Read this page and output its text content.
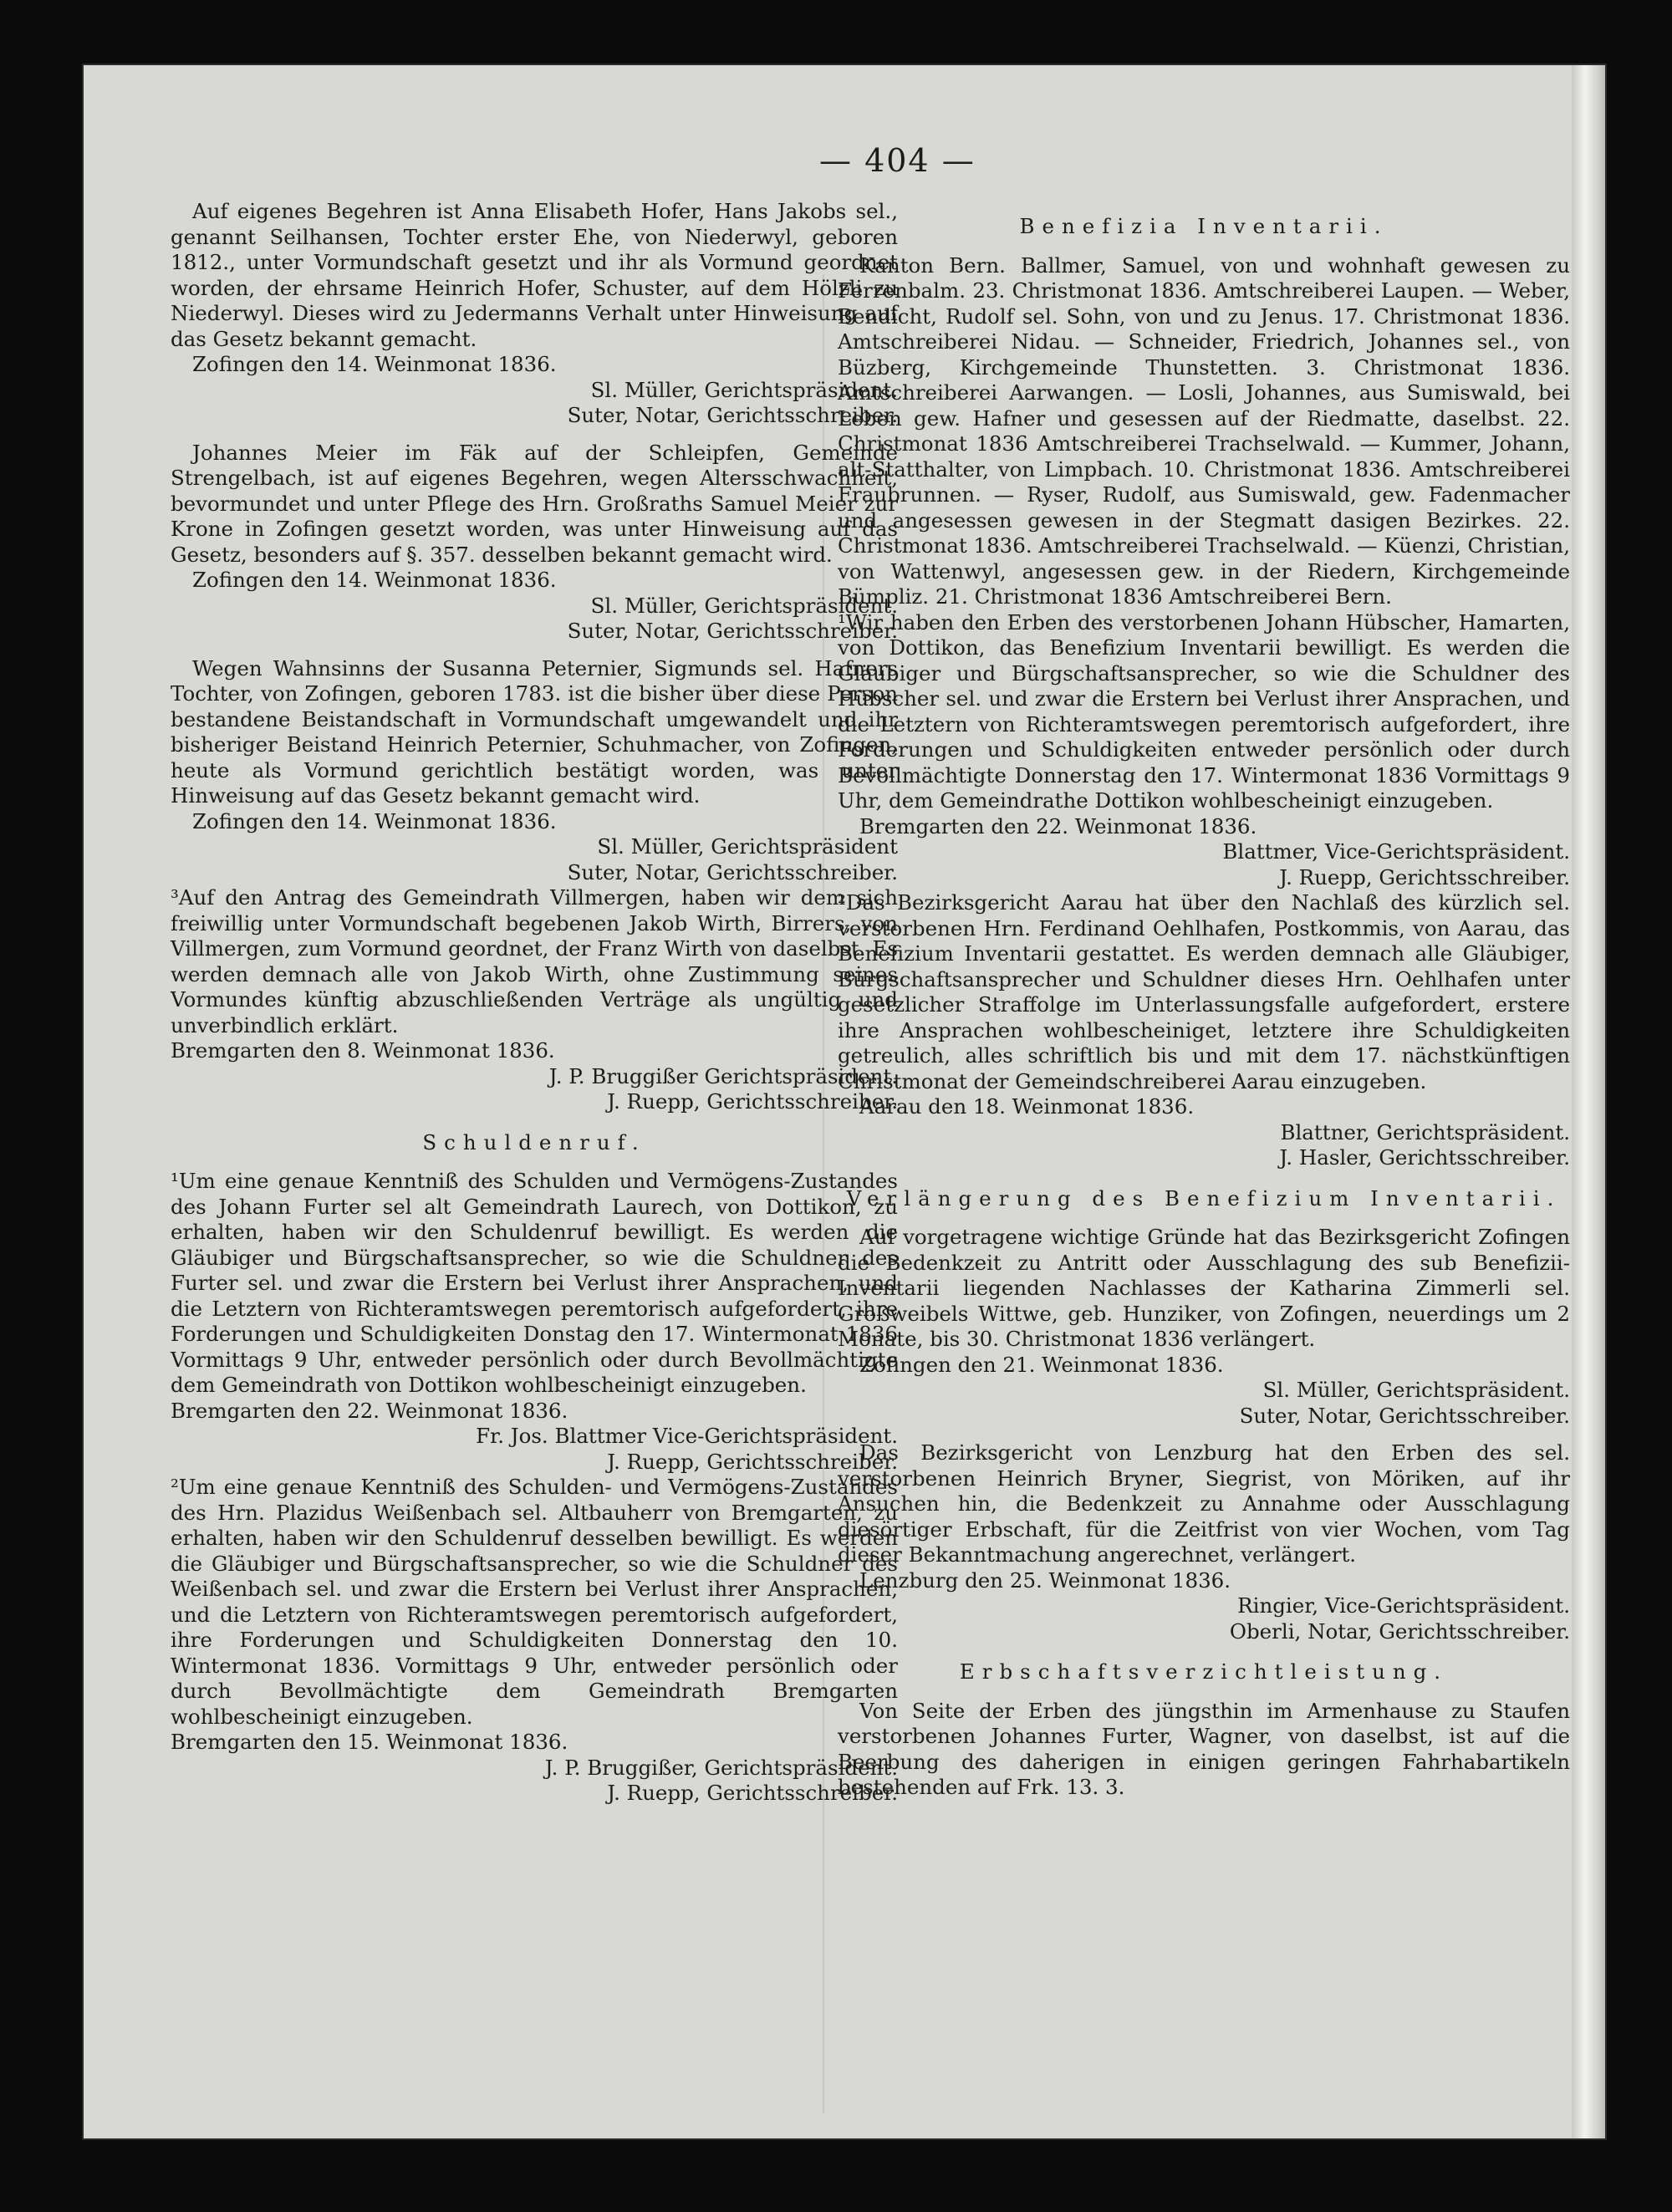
— 404 —

Auf eigenes Begehren ist Anna Elisabeth Hofer, Hans Jakobs sel., genannt Seilhansen, Tochter erster Ehe, von Niederwyl, geboren 1812., unter Vormundschaft gesetzt und ihr als Vormund geordnet worden, der ehrsame Heinrich Hofer, Schuster, auf dem Hölzli zu Niederwyl. Dieses wird zu Jedermanns Verhalt unter Hinweisung auf das Gesetz bekannt gemacht.

Zofingen den 14. Weinmonat 1836.

Sl. Müller, Gerichtspräsident.

Suter, Notar, Gerichtsschreiber.

Johannes Meier im Fäk auf der Schleipfen, Gemeinde Strengelbach, ist auf eigenes Begehren, wegen Altersschwachheit, bevormundet und unter Pflege des Hrn. Großraths Samuel Meier zur Krone in Zofingen gesetzt worden, was unter Hinweisung auf das Gesetz, besonders auf §. 357. desselben bekannt gemacht wird.

Zofingen den 14. Weinmonat 1836.

Sl. Müller, Gerichtspräsident.

Suter, Notar, Gerichtsschreiber.

Wegen Wahnsinns der Susanna Peternier, Sigmunds sel. Hafners Tochter, von Zofingen, geboren 1783. ist die bisher über diese Person bestandene Beistandschaft in Vormundschaft umgewandelt und ihr bisheriger Beistand Heinrich Peternier, Schuhmacher, von Zofingen, heute als Vormund gerichtlich bestätigt worden, was unter Hinweisung auf das Gesetz bekannt gemacht wird.

Zofingen den 14. Weinmonat 1836.

Sl. Müller, Gerichtspräsident

Suter, Notar, Gerichtsschreiber.

³Auf den Antrag des Gemeindrath Villmergen, haben wir dem sich freiwillig unter Vormundschaft begebenen Jakob Wirth, Birrers, von Villmergen, zum Vormund geordnet, der Franz Wirth von daselbst. Es werden demnach alle von Jakob Wirth, ohne Zustimmung seines Vormundes künftig abzuschließenden Verträge als ungültig und unverbindlich erklärt.

Bremgarten den 8. Weinmonat 1836.

J. P. Bruggißer Gerichtspräsident.

J. Ruepp, Gerichtsschreiber.

Schuldenruf.

¹Um eine genaue Kenntniß des Schulden und Vermögens-Zustandes des Johann Furter sel alt Gemeindrath Laurech, von Dottikon, zu erhalten, haben wir den Schuldenruf bewilligt. Es werden die Gläubiger und Bürgschaftsansprecher, so wie die Schuldner des Furter sel. und zwar die Erstern bei Verlust ihrer Ansprachen, und die Letztern von Richteramtswegen peremtorisch aufgefordert, ihre Forderungen und Schuldigkeiten Donstag den 17. Wintermonat 1836 Vormittags 9 Uhr, entweder persönlich oder durch Bevollmächtigte dem Gemeindrath von Dottikon wohlbescheinigt einzugeben.

Bremgarten den 22. Weinmonat 1836.

Fr. Jos. Blattmer Vice-Gerichtspräsident.

J. Ruepp, Gerichtsschreiber.

²Um eine genaue Kenntniß des Schulden- und Vermögens-Zustandes des Hrn. Plazidus Weißenbach sel. Altbauherr von Bremgarten, zu erhalten, haben wir den Schuldenruf desselben bewilligt. Es werden die Gläubiger und Bürgschaftsansprecher, so wie die Schuldner des Weißenbach sel. und zwar die Erstern bei Verlust ihrer Ansprachen, und die Letztern von Richteramtswegen peremtorisch aufgefordert, ihre Forderungen und Schuldigkeiten Donnerstag den 10. Wintermonat 1836. Vormittags 9 Uhr, entweder persönlich oder durch Bevollmächtigte dem Gemeindrath Bremgarten wohlbescheinigt einzugeben.

Bremgarten den 15. Weinmonat 1836.

J. P. Bruggißer, Gerichtspräsident.

J. Ruepp, Gerichtsschreiber.

Benefizia Inventarii.

Kanton Bern. Ballmer, Samuel, von und wohnhaft gewesen zu Ferrenbalm. 23. Christmonat 1836. Amtschreiberei Laupen. — Weber, Bendicht, Rudolf sel. Sohn, von und zu Jenus. 17. Christmonat 1836. Amtschreiberei Nidau. — Schneider, Friedrich, Johannes sel., von Büzberg, Kirchgemeinde Thunstetten. 3. Christmonat 1836. Amtschreiberei Aarwangen. — Losli, Johannes, aus Sumiswald, bei Leben gew. Hafner und gesessen auf der Riedmatte, daselbst. 22. Christmonat 1836 Amtschreiberei Trachselwald. — Kummer, Johann, alt-Statthalter, von Limpbach. 10. Christmonat 1836. Amtschreiberei Fraubrunnen. — Ryser, Rudolf, aus Sumiswald, gew. Fadenmacher und angesessen gewesen in der Stegmatt dasigen Bezirkes. 22. Christmonat 1836. Amtschreiberei Trachselwald. — Küenzi, Christian, von Wattenwyl, angesessen gew. in der Riedern, Kirchgemeinde Bümpliz. 21. Christmonat 1836 Amtschreiberei Bern.

¹Wir haben den Erben des verstorbenen Johann Hübscher, Hamarten, von Dottikon, das Benefizium Inventarii bewilligt. Es werden die Gläubiger und Bürgschaftsansprecher, so wie die Schuldner des Hübscher sel. und zwar die Erstern bei Verlust ihrer Ansprachen, und die Letztern von Richteramtswegen peremtorisch aufgefordert, ihre Forderungen und Schuldigkeiten entweder persönlich oder durch Bevollmächtigte Donnerstag den 17. Wintermonat 1836 Vormittags 9 Uhr, dem Gemeindrathe Dottikon wohlbescheinigt einzugeben.

Bremgarten den 22. Weinmonat 1836.

Blattmer, Vice-Gerichtspräsident.

J. Ruepp, Gerichtsschreiber.

²Das Bezirksgericht Aarau hat über den Nachlaß des kürzlich sel. verstorbenen Hrn. Ferdinand Oehlhafen, Postkommis, von Aarau, das Benefizium Inventarii gestattet. Es werden demnach alle Gläubiger, Bürgschaftsansprecher und Schuldner dieses Hrn. Oehlhafen unter gesetzlicher Straffolge im Unterlassungsfalle aufgefordert, erstere ihre Ansprachen wohlbescheiniget, letztere ihre Schuldigkeiten getreulich, alles schriftlich bis und mit dem 17. nächstkünftigen Christmonat der Gemeindschreiberei Aarau einzugeben.

Aarau den 18. Weinmonat 1836.

Blattner, Gerichtspräsident.

J. Hasler, Gerichtsschreiber.

Verlängerung des Benefizium Inventarii.

Auf vorgetragene wichtige Gründe hat das Bezirksgericht Zofingen die Bedenkzeit zu Antritt oder Ausschlagung des sub Benefizii-Inventarii liegenden Nachlasses der Katharina Zimmerli sel. Großweibels Wittwe, geb. Hunziker, von Zofingen, neuerdings um 2 Monate, bis 30. Christmonat 1836 verlängert.

Zofingen den 21. Weinmonat 1836.

Sl. Müller, Gerichtspräsident.

Suter, Notar, Gerichtsschreiber.

Das Bezirksgericht von Lenzburg hat den Erben des sel. verstorbenen Heinrich Bryner, Siegrist, von Möriken, auf ihr Ansuchen hin, die Bedenkzeit zu Annahme oder Ausschlagung diesörtiger Erbschaft, für die Zeitfrist von vier Wochen, vom Tag dieser Bekanntmachung angerechnet, verlängert.

Lenzburg den 25. Weinmonat 1836.

Ringier, Vice-Gerichtspräsident.

Oberli, Notar, Gerichtsschreiber.

Erbschaftsverzichtleistung.

Von Seite der Erben des jüngsthin im Armenhause zu Staufen verstorbenen Johannes Furter, Wagner, von daselbst, ist auf die Beerbung des daherigen in einigen geringen Fahrhabartikeln bestehenden auf Frk. 13. 3.
